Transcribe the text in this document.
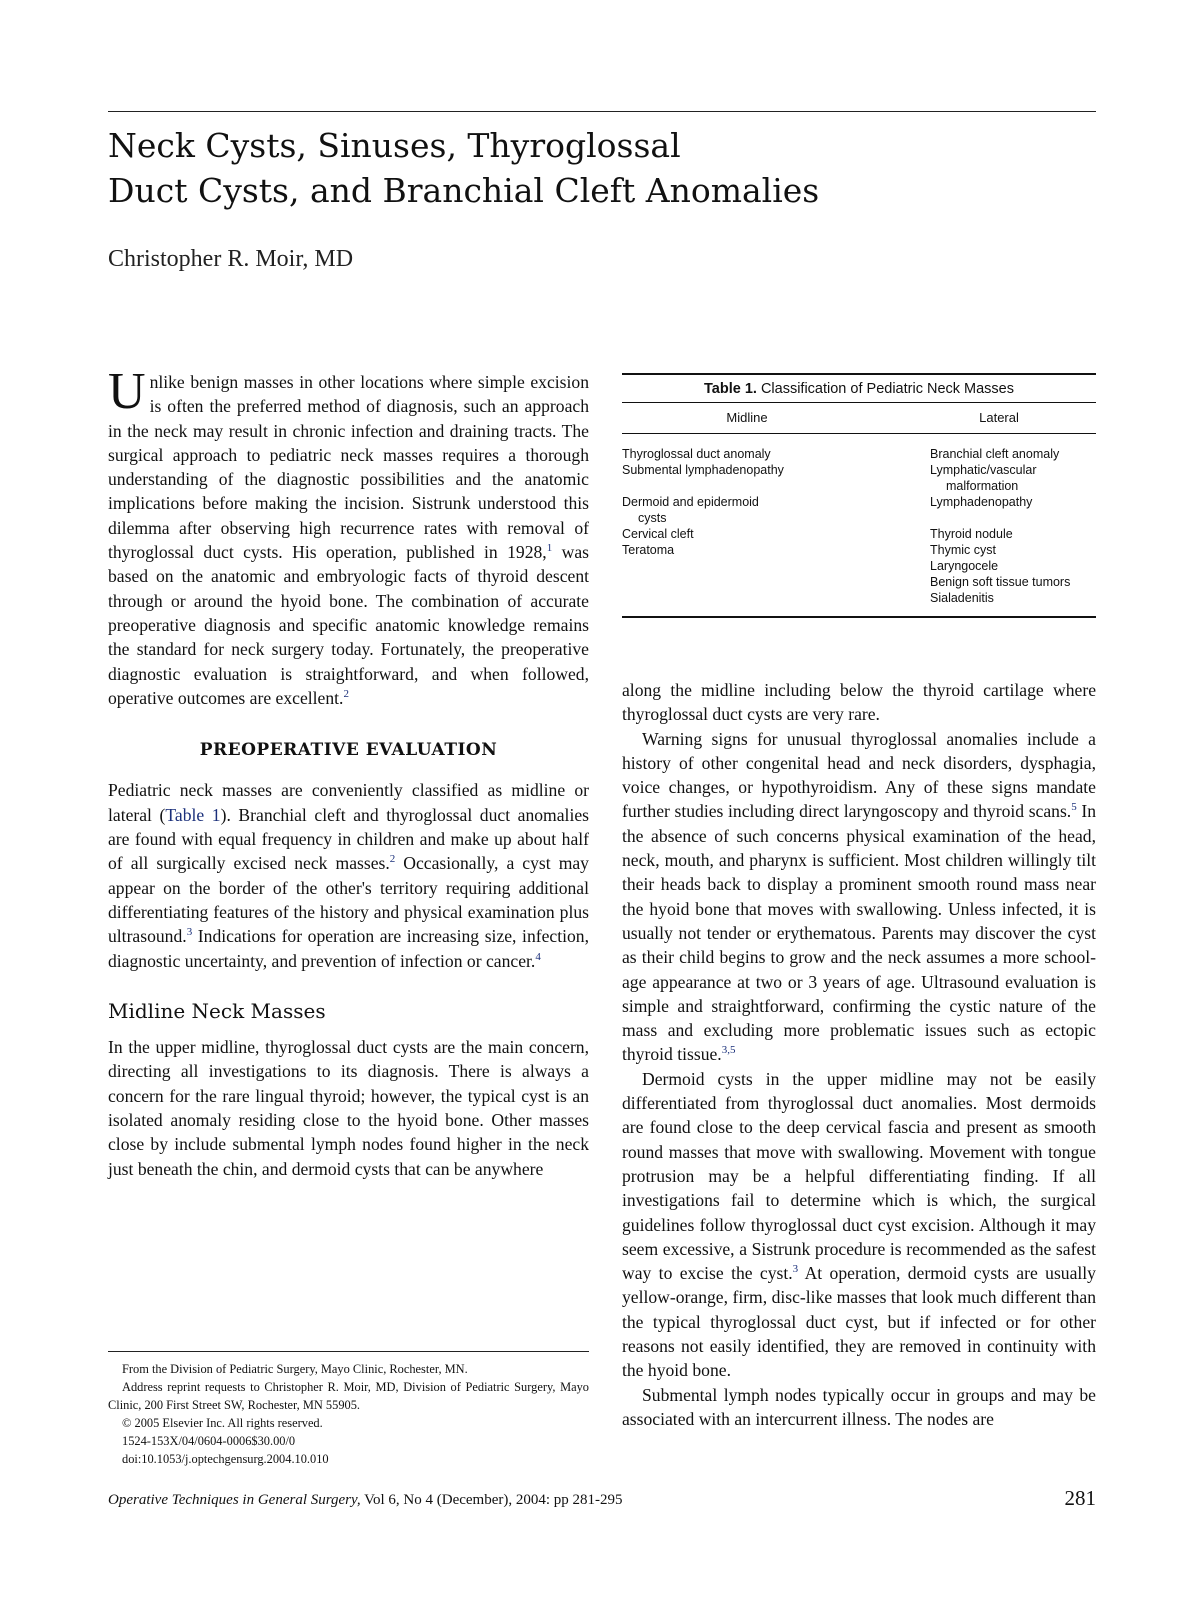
Neck Cysts, Sinuses, Thyroglossal
Duct Cysts, and Branchial Cleft Anomalies
Christopher R. Moir, MD

Unlike benign masses in other locations where simple excision is often the preferred method of diagnosis, such an approach in the neck may result in chronic infection and draining tracts. The surgical approach to pediatric neck masses requires a thorough understanding of the diagnostic possibilities and the anatomic implications before making the incision. Sistrunk understood this dilemma after observing high recurrence rates with removal of thyroglossal duct cysts. His operation, published in 1928,$^1$ was based on the anatomic and embryologic facts of thyroid descent through or around the hyoid bone. The combination of accurate preoperative diagnosis and specific anatomic knowledge remains the standard for neck surgery today. Fortunately, the preoperative diagnostic evaluation is straightforward, and when followed, operative outcomes are excellent.$^2$

PREOPERATIVE EVALUATION

Pediatric neck masses are conveniently classified as midline or lateral (Table 1). Branchial cleft and thyroglossal duct anomalies are found with equal frequency in children and make up about half of all surgically excised neck masses.$^2$ Occasionally, a cyst may appear on the border of the other's territory requiring additional differentiating features of the history and physical examination plus ultrasound.$^3$ Indications for operation are increasing size, infection, diagnostic uncertainty, and prevention of infection or cancer.$^4$

Midline Neck Masses

In the upper midline, thyroglossal duct cysts are the main concern, directing all investigations to its diagnosis. There is always a concern for the rare lingual thyroid; however, the typical cyst is an isolated anomaly residing close to the hyoid bone. Other masses close by include submental lymph nodes found higher in the neck just beneath the chin, and dermoid cysts that can be anywhere

Table 1. Classification of Pediatric Neck Masses
Midline	Lateral
Thyroglossal duct anomaly
Submental lymphadenopathy

Dermoid and epidermoid
cysts
Cervical cleft
Teratoma
Branchial cleft anomaly
Lymphatic/vascular
malformation
Lymphadenopathy

Thyroid nodule
Thymic cyst
Laryngocele
Benign soft tissue tumors
Sialadenitis

along the midline including below the thyroid cartilage where thyroglossal duct cysts are very rare.

Warning signs for unusual thyroglossal anomalies include a history of other congenital head and neck disorders, dysphagia, voice changes, or hypothyroidism. Any of these signs mandate further studies including direct laryngoscopy and thyroid scans.$^5$ In the absence of such concerns physical examination of the head, neck, mouth, and pharynx is sufficient. Most children willingly tilt their heads back to display a prominent smooth round mass near the hyoid bone that moves with swallowing. Unless infected, it is usually not tender or erythematous. Parents may discover the cyst as their child begins to grow and the neck assumes a more school-age appearance at two or 3 years of age. Ultrasound evaluation is simple and straightforward, confirming the cystic nature of the mass and excluding more problematic issues such as ectopic thyroid tissue.$^{3,5}$

Dermoid cysts in the upper midline may not be easily differentiated from thyroglossal duct anomalies. Most dermoids are found close to the deep cervical fascia and present as smooth round masses that move with swallowing. Movement with tongue protrusion may be a helpful differentiating finding. If all investigations fail to determine which is which, the surgical guidelines follow thyroglossal duct cyst excision. Although it may seem excessive, a Sistrunk procedure is recommended as the safest way to excise the cyst.$^3$ At operation, dermoid cysts are usually yellow-orange, firm, disc-like masses that look much different than the typical thyroglossal duct cyst, but if infected or for other reasons not easily identified, they are removed in continuity with the hyoid bone.

Submental lymph nodes typically occur in groups and may be associated with an intercurrent illness. The nodes are

From the Division of Pediatric Surgery, Mayo Clinic, Rochester, MN.

Address reprint requests to Christopher R. Moir, MD, Division of Pediatric Surgery, Mayo Clinic, 200 First Street SW, Rochester, MN 55905.

© 2005 Elsevier Inc. All rights reserved.

1524-153X/04/0604-0006$30.00/0

doi:10.1053/j.optechgensurg.2004.10.010

Operative Techniques in General Surgery, Vol 6, No 4 (December), 2004: pp 281-295	281
